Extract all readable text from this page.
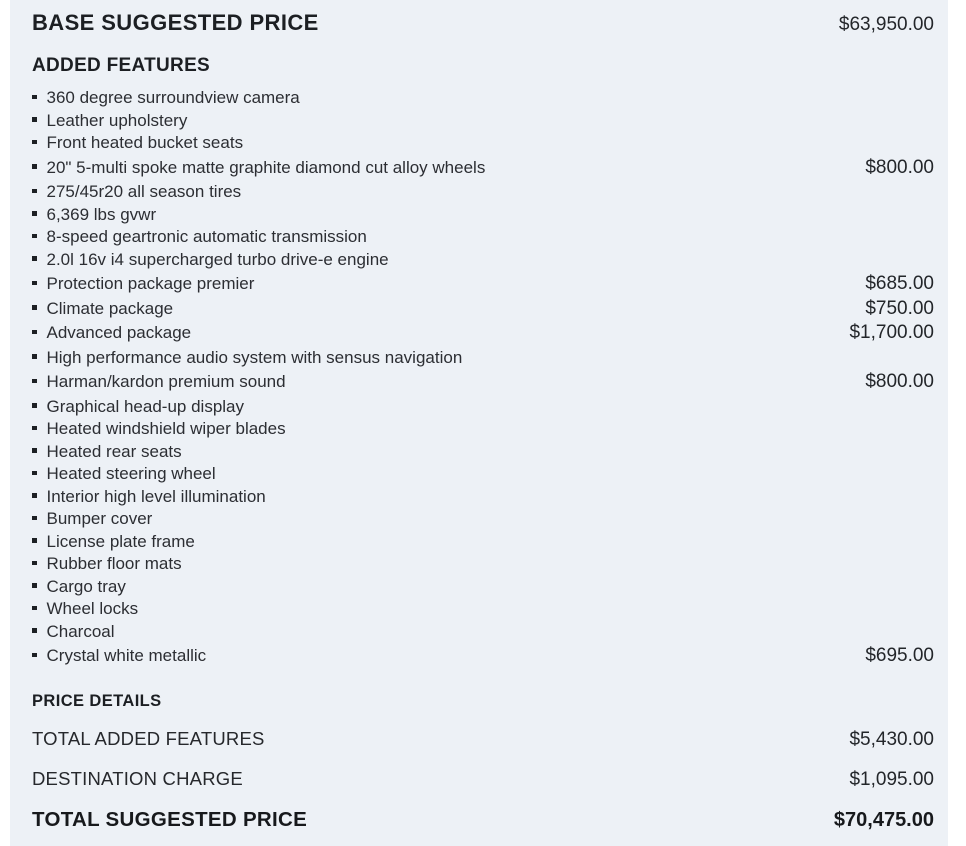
BASE SUGGESTED PRICE	$63,950.00
ADDED FEATURES
360 degree surroundview camera
Leather upholstery
Front heated bucket seats
20" 5-multi spoke matte graphite diamond cut alloy wheels	$800.00
275/45r20 all season tires
6,369 lbs gvwr
8-speed geartronic automatic transmission
2.0l 16v i4 supercharged turbo drive-e engine
Protection package premier	$685.00
Climate package	$750.00
Advanced package	$1,700.00
High performance audio system with sensus navigation
Harman/kardon premium sound	$800.00
Graphical head-up display
Heated windshield wiper blades
Heated rear seats
Heated steering wheel
Interior high level illumination
Bumper cover
License plate frame
Rubber floor mats
Cargo tray
Wheel locks
Charcoal
Crystal white metallic	$695.00
PRICE DETAILS
TOTAL ADDED FEATURES	$5,430.00
DESTINATION CHARGE	$1,095.00
TOTAL SUGGESTED PRICE	$70,475.00
